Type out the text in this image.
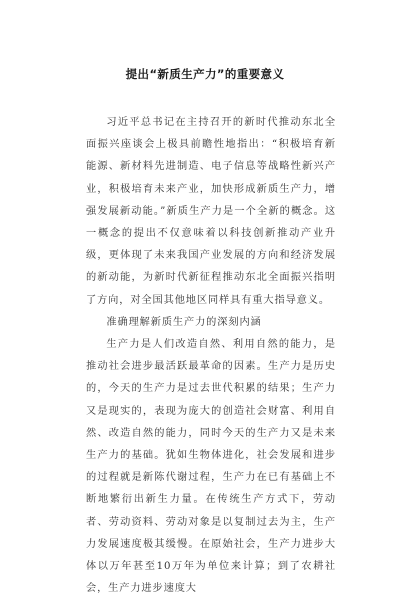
提出“新质生产力”的重要意义

习近平总书记在主持召开的新时代推动东北全面振兴座谈会上极具前瞻性地指出：“积极培育新能源、新材料先进制造、电子信息等战略性新兴产业，积极培育未来产业，加快形成新质生产力，增强发展新动能。”新质生产力是一个全新的概念。这一概念的提出不仅意味着以科技创新推动产业升级，更体现了未来我国产业发展的方向和经济发展的新动能，为新时代新征程推动东北全面振兴指明了方向，对全国其他地区同样具有重大指导意义。

准确理解新质生产力的深刻内涵

生产力是人们改造自然、利用自然的能力，是推动社会进步最活跃最革命的因素。生产力是历史的，今天的生产力是过去世代积累的结果；生产力又是现实的，表现为庞大的创造社会财富、利用自然、改造自然的能力，同时今天的生产力又是未来生产力的基础。犹如生物体进化，社会发展和进步的过程就是新陈代谢过程，生产力在已有基础上不断地繁衍出新生力量。在传统生产方式下，劳动者、劳动资料、劳动对象是以复制过去为主，生产力发展速度极其缓慢。在原始社会，生产力进步大体以万年甚至10万年为单位来计算；到了农耕社会，生产力进步速度大
